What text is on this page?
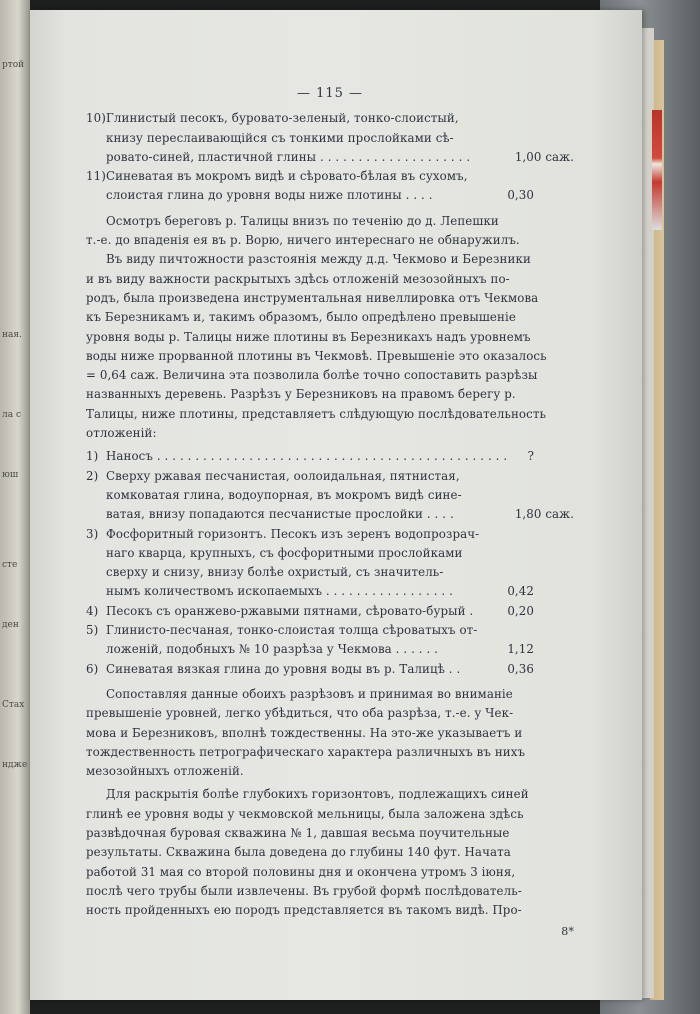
ртой
ная.
ла с
юш
сте
ден
Стах
ндже
— 115 —
10) Глинистый песокъ, буровато-зеленый, тонко-слоистый,
книзу переслаивающійся съ тонкими прослойками сѣ-
ровато-синей, пластичной глины . . . . . . . . . . . . . . . . . . . .	1,00 саж.
11) Синеватая въ мокромъ видѣ и сѣровато-бѣлая въ сухомъ,
слоистая глина до уровня воды ниже плотины . . . .	0,30
Осмотръ береговъ р. Талицы внизъ по теченію до д. Лепешки
т.-е. до впаденія ея въ р. Ворю, ничего интереснаго не обнаружилъ.
Въ виду пичтожности разстоянія между д.д. Чекмово и Березники
и въ виду важности раскрытыхъ здѣсь отложеній мезозойныхъ по-
родъ, была произведена инструментальная нивеллировка отъ Чекмова
къ Березникамъ и, такимъ образомъ, было опредѣлено превышеніе
уровня воды р. Талицы ниже плотины въ Березникахъ надъ уровнемъ
воды ниже прорванной плотины въ Чекмовѣ. Превышеніе это оказалось
= 0,64 саж. Величина эта позволила болѣе точно сопоставить разрѣзы
названныхъ деревень. Разрѣзъ у Березниковъ на правомъ берегу р.
Талицы, ниже плотины, представляетъ слѣдующую послѣдовательность
отложеній:
1) Наносъ . . . . . . . . . . . . . . . . . . . . . . . . . . . . . . . . . . . . . . . . . . . . . .	?
2) Сверху ржавая песчанистая, оолоидальная, пятнистая,
комковатая глина, водоупорная, въ мокромъ видѣ сине-
ватая, внизу попадаются песчанистые прослойки . . . .	1,80 саж.
3) Фосфоритный горизонтъ. Песокъ изъ зеренъ водопрозрач-
наго кварца, крупныхъ, съ фосфоритными прослойками
сверху и снизу, внизу болѣе охристый, съ значитель-
нымъ количествомъ ископаемыхъ . . . . . . . . . . . . . . . . .	0,42
4) Песокъ съ оранжево-ржавыми пятнами, сѣровато-бурый .	0,20
5) Глинисто-песчаная, тонко-слоистая толща сѣроватыхъ от-
ложеній, подобныхъ № 10 разрѣза у Чекмова . . . . . .	1,12
6) Синеватая вязкая глина до уровня воды въ р. Талицѣ . .	0,36
Сопоставляя данные обоихъ разрѣзовъ и принимая во вниманіе
превышеніе уровней, легко убѣдиться, что оба разрѣза, т.-е. у Чек-
мова и Березниковъ, вполнѣ тождественны. На это-же указываетъ и
тождественность петрографическаго характера различныхъ въ нихъ
мезозойныхъ отложеній.
Для раскрытія болѣе глубокихъ горизонтовъ, подлежащихъ синей
глинѣ ее уровня воды у чекмовской мельницы, была заложена здѣсь
развѣдочная буровая скважина № 1, давшая весьма поучительные
результаты. Скважина была доведена до глубины 140 фут. Начата
работой 31 мая со второй половины дня и окончена утромъ 3 іюня,
послѣ чего трубы были извлечены. Въ грубой формѣ послѣдователь-
ность пройденныхъ ею породъ представляется въ такомъ видѣ. Про-
8*
